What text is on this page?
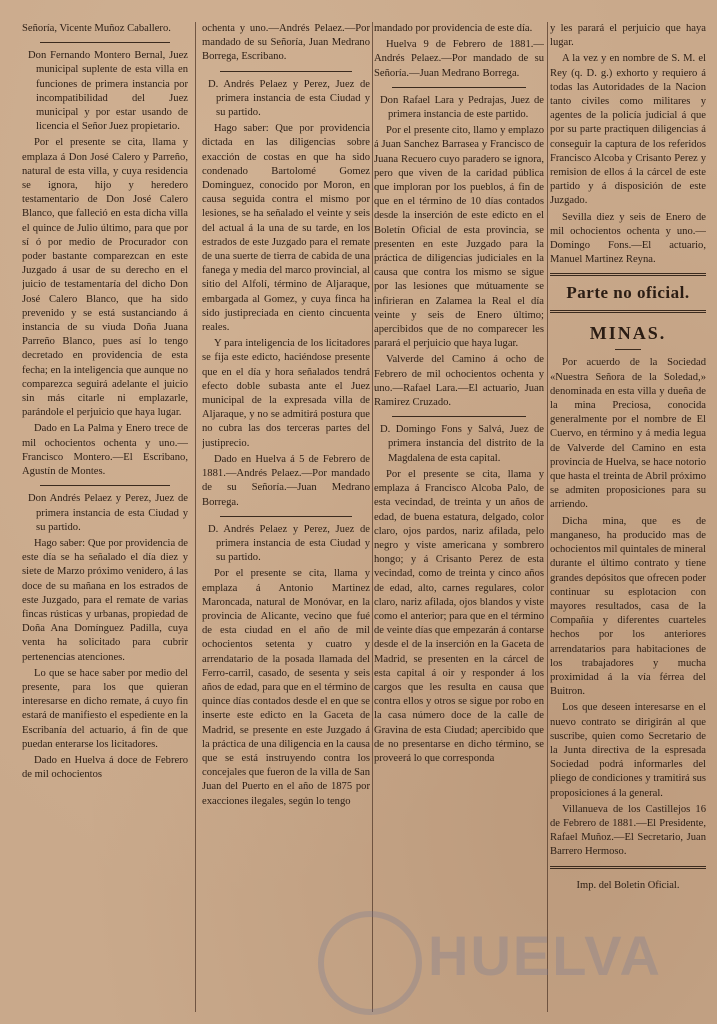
Señoría, Vicente Muñoz Caballero.

Don Fernando Montero Bernal, Juez municipal suplente de esta villa en funciones de primera instancia por incompatibilidad del Juez municipal y por estar usando de licencia el Señor Juez propietario.

Por el presente se cita, llama y emplaza á Don José Calero y Parreño, natural de esta villa, y cuya residencia se ignora, hijo y heredero testamentario de Don José Calero Blanco, que falleció en esta dicha villa el quince de Julio último, para que por sí ó por medio de Procurador con poder bastante comparezcan en este Juzgado á usar de su derecho en el juicio de testamentaría del dicho Don José Calero Blanco, que ha sido prevenido y se está sustanciando á instancia de su viuda Doña Juana Parreño Blanco, pues así lo tengo decretado en providencia de esta fecha; en la inteligencia que aunque no comparezca seguirá adelante el juicio sin más citarle ni emplazarle, parándole el perjuicio que haya lugar.

Dado en La Palma y Enero trece de mil ochocientos ochenta y uno.—Francisco Montero.—El Escribano, Agustín de Montes.

Don Andrés Pelaez y Perez, Juez de primera instancia de esta Ciudad y su partido.

Hago saber: Que por providencia de este día se ha señalado el día diez y siete de Marzo próximo venidero, á las doce de su mañana en los estrados de este Juzgado, para el remate de varias fincas rústicas y urbanas, propiedad de Doña Ana Domínguez Padilla, cuya venta ha solicitado para cubrir pertenencias atenciones.

Lo que se hace saber por medio del presente, para los que quieran interesarse en dicho remate, á cuyo fin estará de manifiesto el espediente en la Escribanía del actuario, á fin de que puedan enterarse los licitadores.

Dado en Huelva á doce de Febrero de mil ochocientos

ochenta y uno.—Andrés Pelaez.—Por mandado de su Señoría, Juan Medrano Borrega, Escribano.

D. Andrés Pelaez y Perez, Juez de primera instancia de esta Ciudad y su partido.

Hago saber: Que por providencia dictada en las diligencias sobre exacción de costas en que ha sido condenado Bartolomé Gomez Dominguez, conocido por Moron, en causa seguida contra el mismo por lesiones, se ha señalado el veinte y seis del actual á la una de su tarde, en los estrados de este Juzgado para el remate de una suerte de tierra de cabida de una fanega y media del marco provincial, al sitio del Alfolí, término de Aljaraque, embargada al Gomez, y cuya finca ha sido justipreciada en ciento cincuenta reales.

Y para inteligencia de los licitadores se fija este edicto, haciéndose presente que en el día y hora señalados tendrá efecto doble subasta ante el Juez municipal de la expresada villa de Aljaraque, y no se admitirá postura que no cubra las dos terceras partes del justiprecio.

Dado en Huelva á 5 de Febrero de 1881.—Andrés Pelaez.—Por mandado de su Señoría.—Juan Medrano Borrega.

D. Andrés Pelaez y Perez, Juez de primera instancia de esta Ciudad y su partido.

Por el presente se cita, llama y emplaza á Antonio Martinez Maroncada, natural de Monóvar, en la provincia de Alicante, vecino que fué de esta ciudad en el año de mil ochocientos setenta y cuatro y arrendatario de la posada llamada del Ferro-carril, casado, de sesenta y seis años de edad, para que en el término de quince días contados desde el en que se inserte este edicto en la Gaceta de Madrid, se presente en este Juzgado á la práctica de una diligencia en la causa que se está instruyendo contra los concejales que fueron de la villa de San Juan del Puerto en el año de 1875 por exacciones ilegales, según lo tengo

mandado por providencia de este día.

Huelva 9 de Febrero de 1881.—Andrés Pelaez.—Por mandado de su Señoría.—Juan Medrano Borrega.

Don Rafael Lara y Pedrajas, Juez de primera instancia de este partido.

Por el presente cito, llamo y emplazo á Juan Sanchez Barrasea y Francisco de Juana Recuero cuyo paradero se ignora, pero que viven de la caridad pública que imploran por los pueblos, á fin de que en el término de 10 días contados desde la inserción de este edicto en el Boletín Oficial de esta provincia, se presenten en este Juzgado para la práctica de diligencias judiciales en la causa que contra los mismo se sigue por las lesiones que mútuamente se infirieran en Zalamea la Real el día veinte y seis de Enero último; apercibidos que de no comparecer les parará el perjuicio que haya lugar.

Valverde del Camino á ocho de Febrero de mil ochocientos ochenta y uno.—Rafael Lara.—El actuario, Juan Ramirez Cruzado.

D. Domingo Fons y Salvá, Juez de primera instancia del distrito de la Magdalena de esta capital.

Por el presente se cita, llama y emplaza á Francisco Alcoba Palo, de esta vecindad, de treinta y un años de edad, de buena estatura, delgado, color claro, ojos pardos, nariz afilada, pelo negro y viste americana y sombrero hongo; y á Crisanto Perez de esta vecindad, como de treinta y cinco años de edad, alto, carnes regulares, color claro, nariz afilada, ojos blandos y viste como el anterior; para que en el término de veinte días que empezarán á contarse desde el de la inserción en la Gaceta de Madrid, se presenten en la cárcel de esta capital á oir y responder á los cargos que les resulta en causa que contra ellos y otros se sigue por robo en la casa número doce de la calle de Gravina de esta Ciudad; apercibido que de no presentarse en dicho término, se proveerá lo que corresponda

y les parará el perjuicio que haya lugar.

A la vez y en nombre de S. M. el Rey (q. D. g.) exhorto y requiero á todas las Autoridades de la Nacion tanto civiles como militares y agentes de la policía judicial á que por su parte practiquen diligencias á conseguir la captura de los referidos Francisco Alcoba y Crisanto Perez y remision de ellos á la cárcel de este partido y á disposición de este Juzgado.

Sevilla diez y seis de Enero de mil ochocientos ochenta y uno.—Domingo Fons.—El actuario, Manuel Martinez Reyna.

Parte no oficial.
MINAS.

Por acuerdo de la Sociedad «Nuestra Señora de la Soledad,» denominada en esta villa y dueña de la mina Preciosa, conocida generalmente por el nombre de El Cuervo, en término y á media legua de Valverde del Camino en esta provincia de Huelva, se hace notorio que hasta el treinta de Abril próximo se admiten proposiciones para su arriendo.

Dicha mina, que es de manganeso, ha producido mas de ochocientos mil quintales de mineral durante el último contrato y tiene grandes depósitos que ofrecen poder continuar su esplotacion con mayores resultados, casa de la Compañía y diferentes cuarteles hechos por los anteriores arrendatarios para habitaciones de los trabajadores y mucha proximidad á la vía férrea del Buitron.

Los que deseen interesarse en el nuevo contrato se dirigirán al que suscribe, quien como Secretario de la Junta directiva de la espresada Sociedad podrá informarles del pliego de condiciones y tramitirá sus proposiciones á la general.

Villanueva de los Castillejos 16 de Febrero de 1881.—El Presidente, Rafael Muñoz.—El Secretario, Juan Barrero Hermoso.

Imp. del Boletin Oficial.
HUELVA
